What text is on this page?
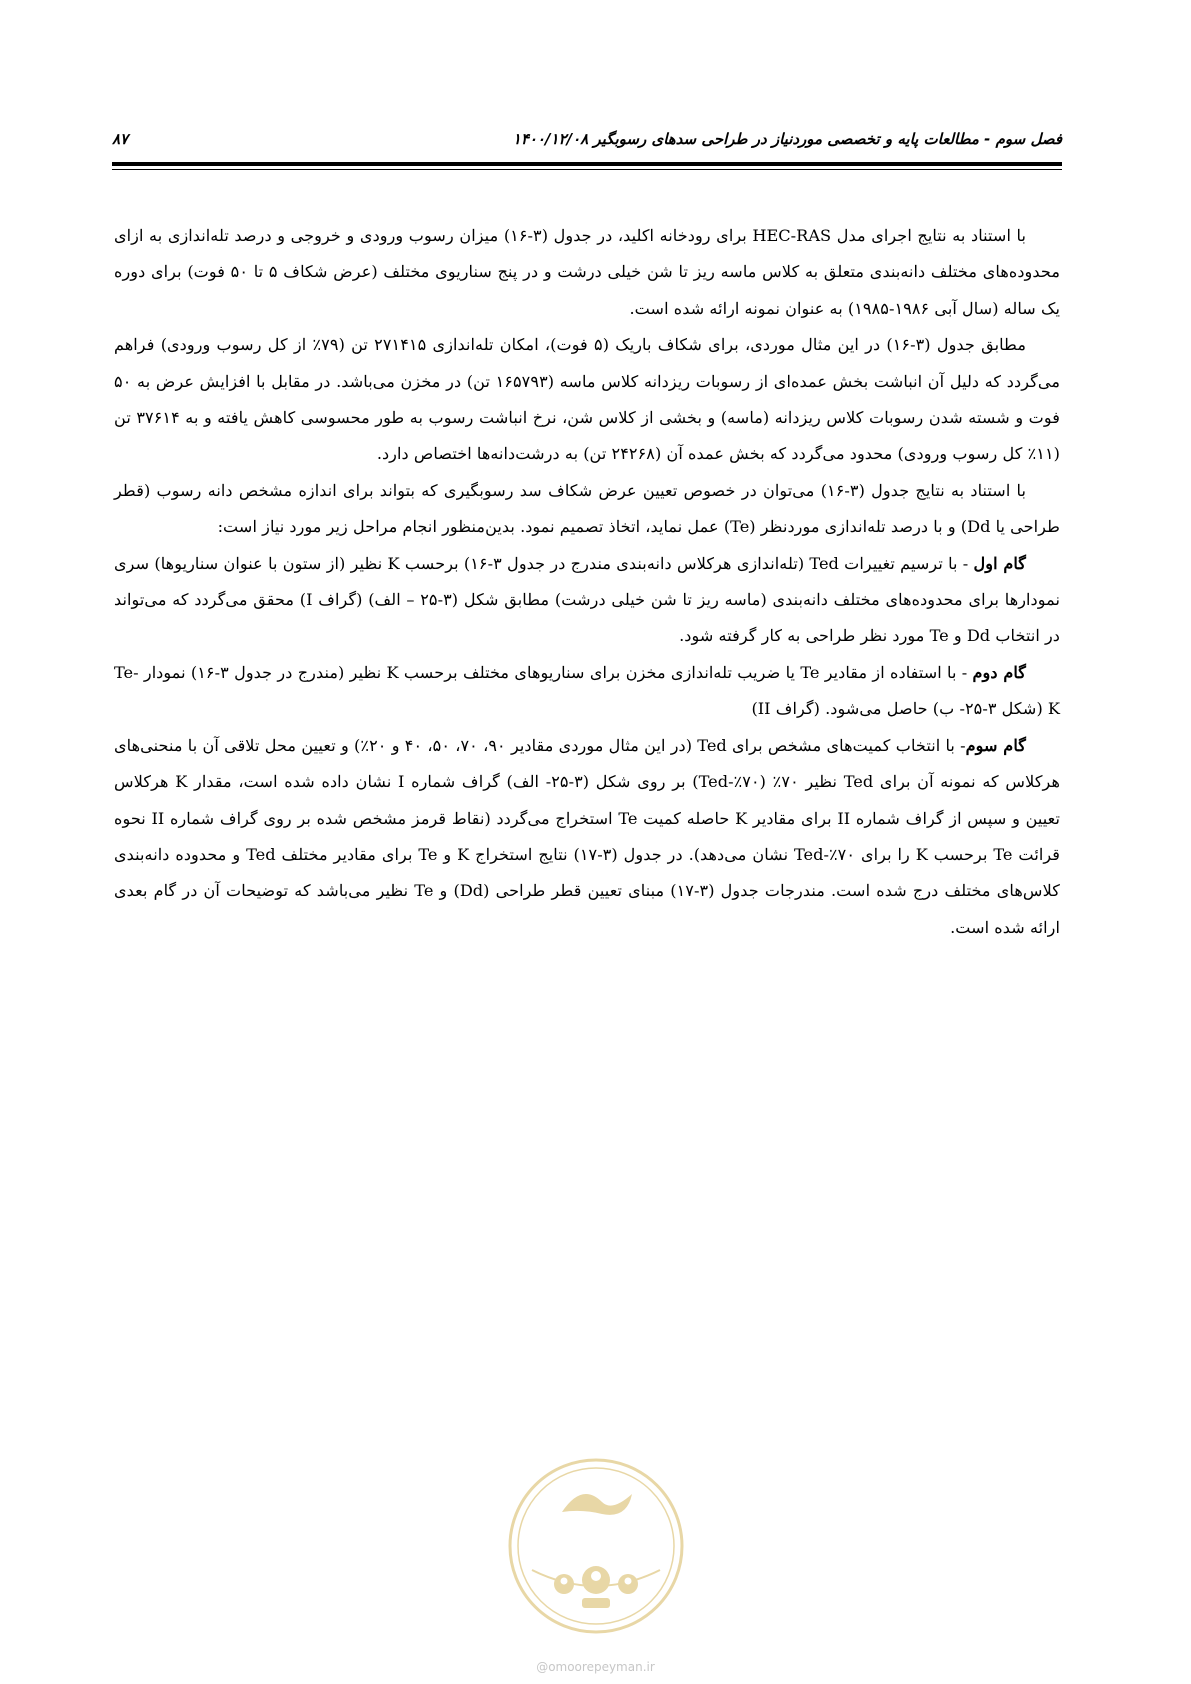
فصل سوم - مطالعات پایه و تخصصی موردنیاز در طراحی سدهای رسوبگیر ۱۴۰۰/۱۲/۰۸
۸۷

با استناد به نتایج اجرای مدل HEC-RAS برای رودخانه اکلید، در جدول (۳-۱۶) میزان رسوب ورودی و خروجی و درصد تله‌اندازی به ازای محدوده‌های مختلف دانه‌بندی متعلق به کلاس ماسه ریز تا شن خیلی درشت و در پنج سناریوی مختلف (عرض شکاف ۵ تا ۵۰ فوت) برای دوره یک ساله (سال آبی ۱۹۸۶-۱۹۸۵) به عنوان نمونه ارائه شده است.

مطابق جدول (۳-۱۶) در این مثال موردی، برای شکاف باریک (۵ فوت)، امکان تله‌اندازی ۲۷۱۴۱۵ تن (۷۹٪ از کل رسوب ورودی) فراهم می‌گردد که دلیل آن انباشت بخش عمده‌ای از رسوبات ریزدانه کلاس ماسه (۱۶۵۷۹۳ تن) در مخزن می‌باشد. در مقابل با افزایش عرض به ۵۰ فوت و شسته شدن رسوبات کلاس ریزدانه (ماسه) و بخشی از کلاس شن، نرخ انباشت رسوب به طور محسوسی کاهش یافته و به ۳۷۶۱۴ تن (۱۱٪ کل رسوب ورودی) محدود می‌گردد که بخش عمده آن (۲۴۲۶۸ تن) به درشت‌دانه‌ها اختصاص دارد.

با استناد به نتایج جدول (۳-۱۶) می‌توان در خصوص تعیین عرض شکاف سد رسوبگیری که بتواند برای اندازه مشخص دانه رسوب (قطر طراحی یا Dd) و با درصد تله‌اندازی موردنظر (Te) عمل نماید، اتخاذ تصمیم نمود. بدین‌منظور انجام مراحل زیر مورد نیاز است:

گام اول - با ترسیم تغییرات Ted (تله‌اندازی هرکلاس دانه‌بندی مندرج در جدول ۳-۱۶) برحسب K نظیر (از ستون با عنوان سناریوها) سری نمودارها برای محدوده‌های مختلف دانه‌بندی (ماسه ریز تا شن خیلی درشت) مطابق شکل (۳-۲۵ – الف) (گراف I) محقق می‌گردد که می‌تواند در انتخاب Dd و Te مورد نظر طراحی به کار گرفته شود.

گام دوم - با استفاده از مقادیر Te یا ضریب تله‌اندازی مخزن برای سناریوهای مختلف برحسب K نظیر (مندرج در جدول ۳-۱۶) نمودار Te-K (شکل ۳-۲۵- ب) حاصل می‌شود. (گراف II)

گام سوم- با انتخاب کمیت‌های مشخص برای Ted (در این مثال موردی مقادیر ۹۰، ۷۰، ۵۰، ۴۰ و ۲۰٪) و تعیین محل تلاقی آن با منحنی‌های هرکلاس که نمونه آن برای Ted نظیر ۷۰٪ (Ted-٪۷۰) بر روی شکل (۳-۲۵- الف) گراف شماره I نشان داده شده است، مقدار K هرکلاس تعیین و سپس از گراف شماره II برای مقادیر K حاصله کمیت Te استخراج می‌گردد (نقاط قرمز مشخص شده بر روی گراف شماره II نحوه قرائت Te برحسب K را برای Ted-٪۷۰ نشان می‌دهد). در جدول (۳-۱۷) نتایج استخراج K و Te برای مقادیر مختلف Ted و محدوده دانه‌بندی کلاس‌های مختلف درج شده است. مندرجات جدول (۳-۱۷) مبنای تعیین قطر طراحی (Dd) و Te نظیر می‌باشد که توضیحات آن در گام بعدی ارائه شده است.

@omoorepeyman.ir
